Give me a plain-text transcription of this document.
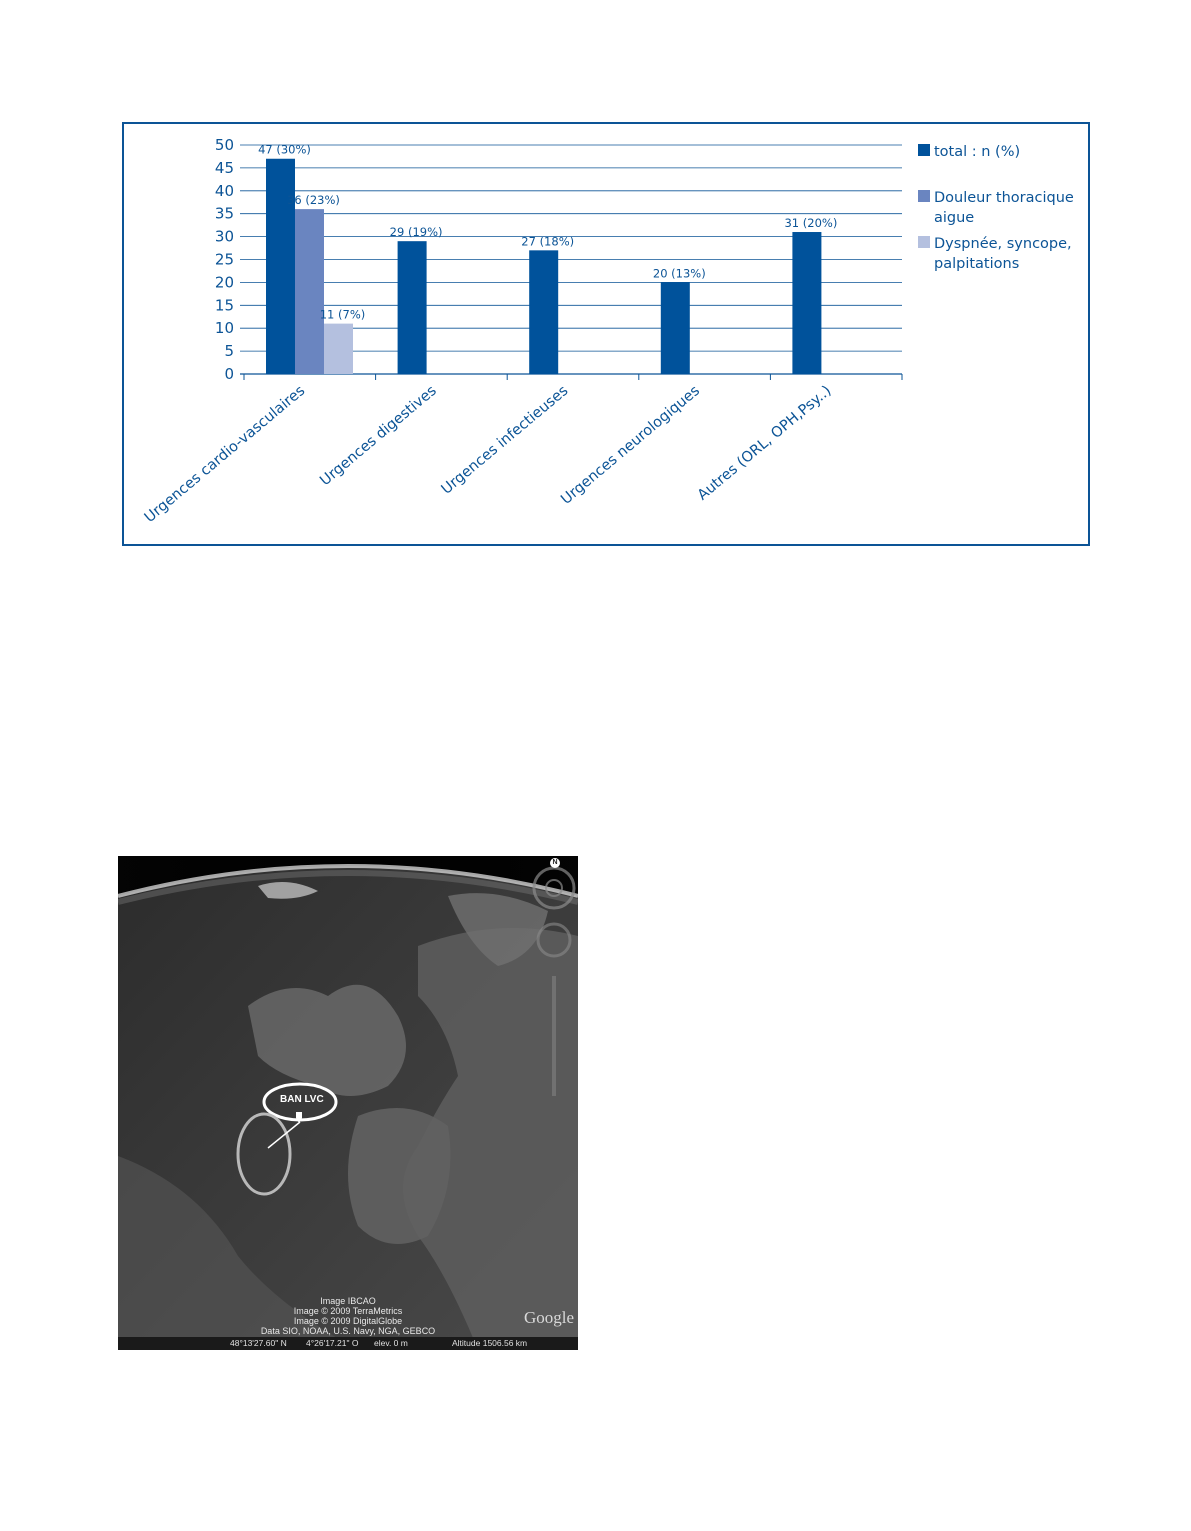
0
5
10
15
20
25
30
35
40
45
50 47 (30%)
36 (23%)
11 (7%)
Urgences cardio-vasculaires
29 (19%)
Urgences digestives
27 (18%)
Urgences infectieuses
20 (13%)
Urgences neurologiques
31 (20%)
Autres (ORL, OPH,Psy..)
total : n (%)
Douleur thoracique
aigue
Dyspnée, syncope,
palpitations
N
BAN LVC
Image IBCAO
Image © 2009 TerraMetrics
Image © 2009 DigitalGlobe
Data SIO, NOAA, U.S. Navy, NGA, GEBCO
Google
48°13'27.60" N 4°26'17.21" O elev. 0 m	Altitude 1506.56 km
